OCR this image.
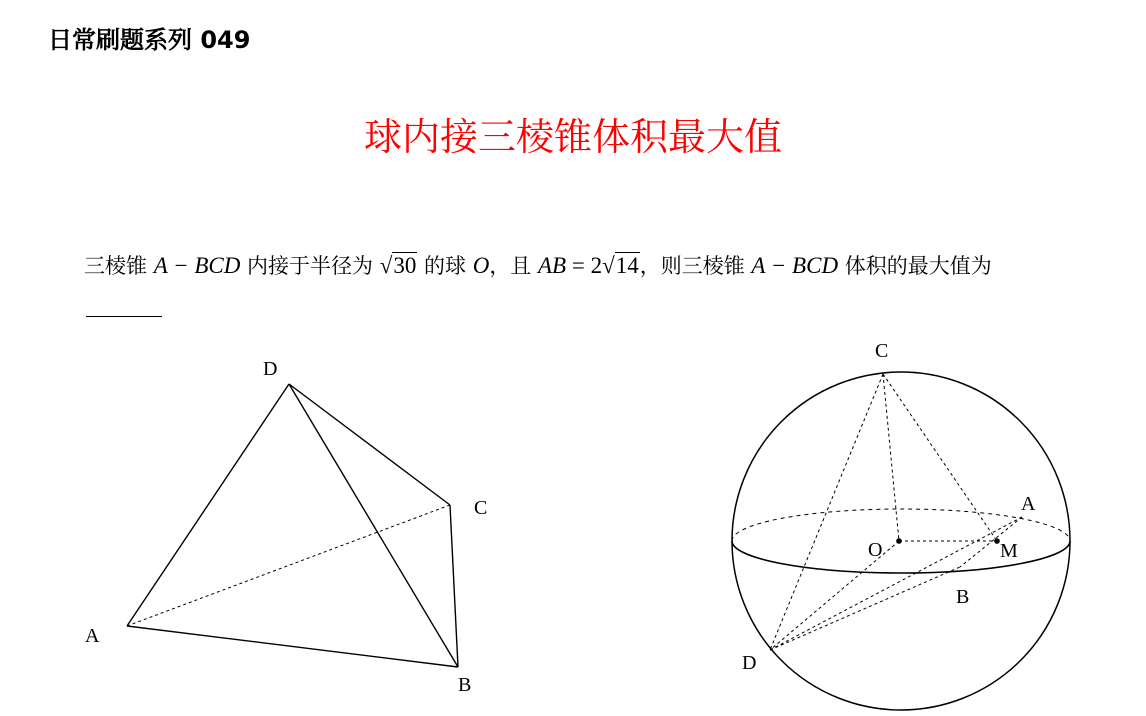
日常刷题系列 049
球内接三棱锥体积最大值
三棱锥 A − BCD 内接于半径为 √30 的球 O，且 AB = 2√14，则三棱锥 A − BCD 体积的最大值为
D
C
A
B
C
A
O	M
B
D
